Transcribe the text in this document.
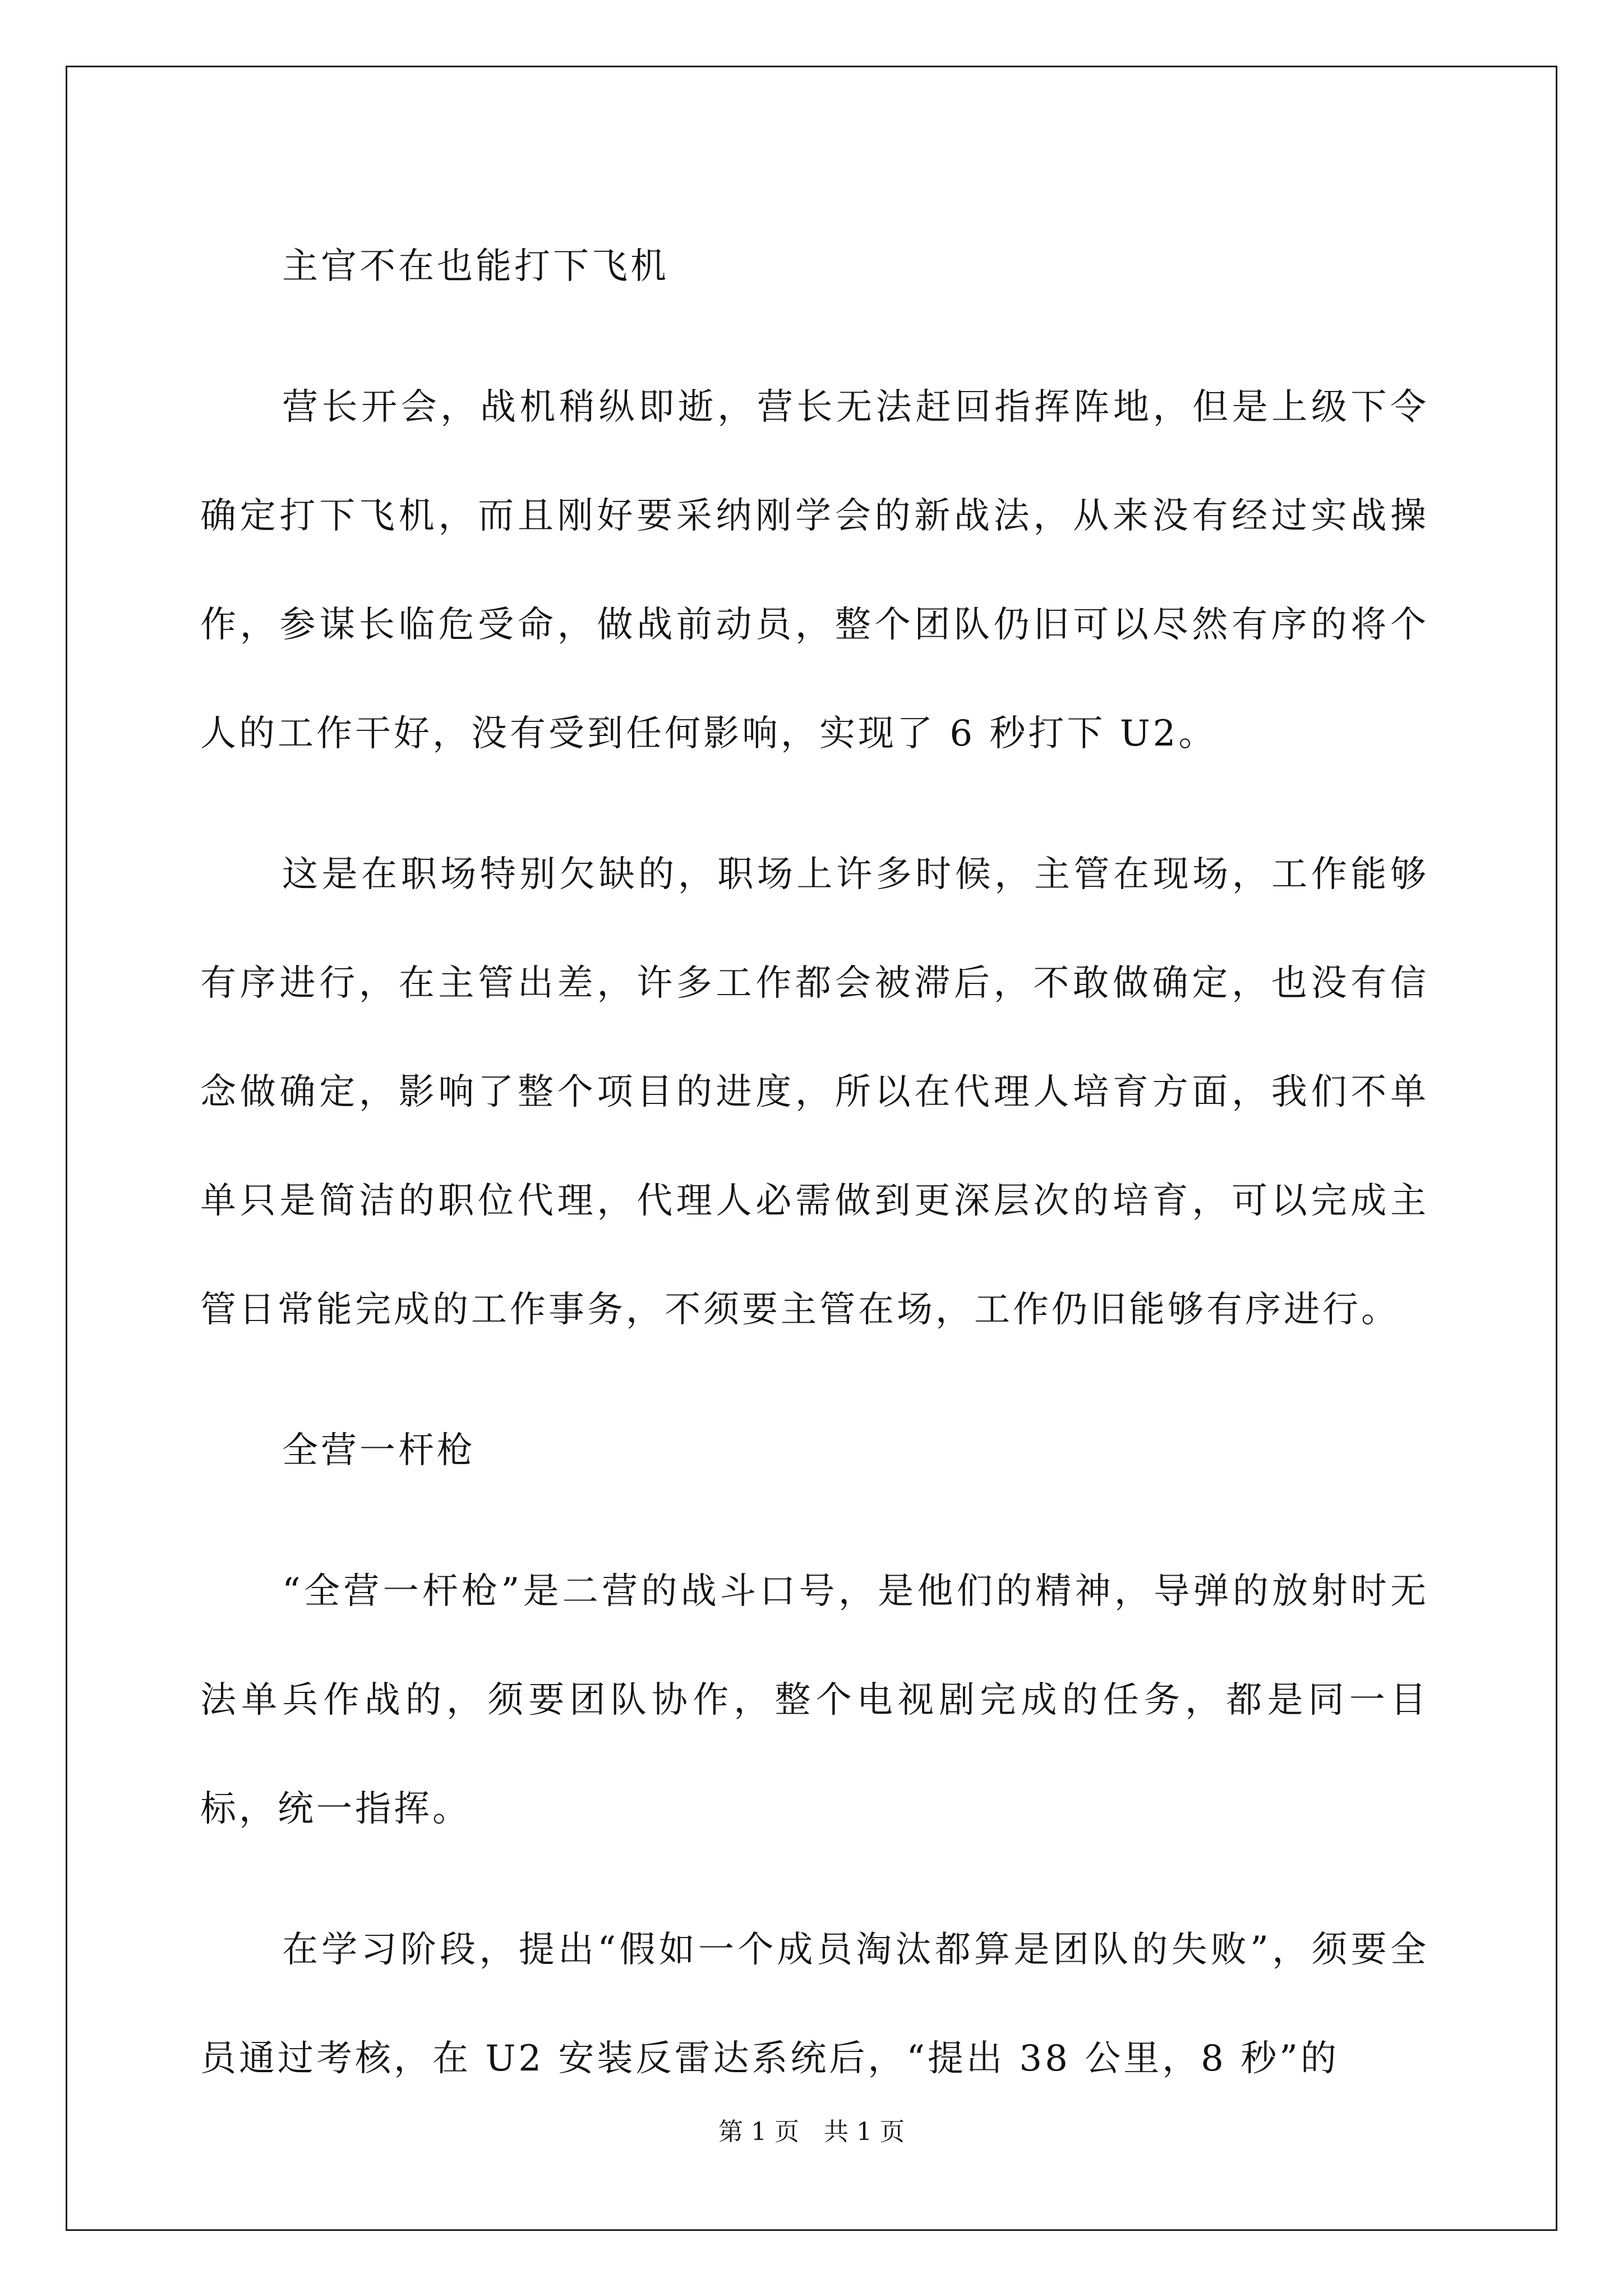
主官不在也能打下飞机

营长开会，战机稍纵即逝，营长无法赶回指挥阵地，但是上级下令确定打下飞机，而且刚好要采纳刚学会的新战法，从来没有经过实战操作，参谋长临危受命，做战前动员，整个团队仍旧可以尽然有序的将个人的工作干好，没有受到任何影响，实现了 6 秒打下 U2。

这是在职场特别欠缺的，职场上许多时候，主管在现场，工作能够有序进行，在主管出差，许多工作都会被滞后，不敢做确定，也没有信念做确定，影响了整个项目的进度，所以在代理人培育方面，我们不单单只是简洁的职位代理，代理人必需做到更深层次的培育，可以完成主管日常能完成的工作事务，不须要主管在场，工作仍旧能够有序进行。

全营一杆枪

“全营一杆枪”是二营的战斗口号，是他们的精神，导弹的放射时无法单兵作战的，须要团队协作，整个电视剧完成的任务，都是同一目标，统一指挥。

在学习阶段，提出“假如一个成员淘汰都算是团队的失败”，须要全员通过考核，在 U2 安装反雷达系统后，“提出 38 公里，8 秒”的

第 1 页　共 1 页
